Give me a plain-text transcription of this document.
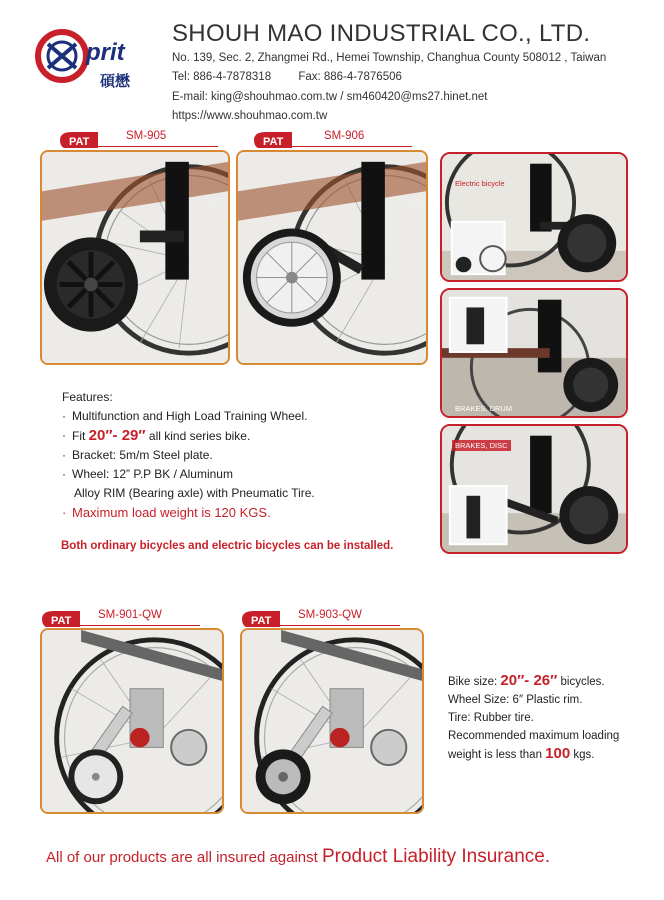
prit
碩懋
SHOUH MAO INDUSTRIAL CO., LTD.
No. 139, Sec. 2, Zhangmei Rd., Hemei Township, Changhua County 508012 , Taiwan
Tel: 886-4-7878318 Fax: 886-4-7876506
E-mail: king@shouhmao.com.tw / sm460420@ms27.hinet.net
https://www.shouhmao.com.tw
PAT	SM-905	PAT	SM-906
adva	adva
Electric bicycle
BRAKES, DRUM
BRAKES, DISC
Features:
· Multifunction and High Load Training Wheel.
· Fit 20″- 29″ all kind series bike.
· Bracket: 5m/m Steel plate.
· Wheel: 12” P.P BK / Aluminum
Alloy RIM (Bearing axle) with Pneumatic Tire.
· Maximum load weight is 120 KGS.
Both ordinary bicycles and electric bicycles can be installed.
PAT SM-901-QW	PAT SM-903-QW
Bike size: 20″- 26″ bicycles.
Wheel Size: 6″ Plastic rim.
Tire: Rubber tire.
Recommended maximum loading
weight is less than 100 kgs.
All of our products are all insured against Product Liability Insurance.
